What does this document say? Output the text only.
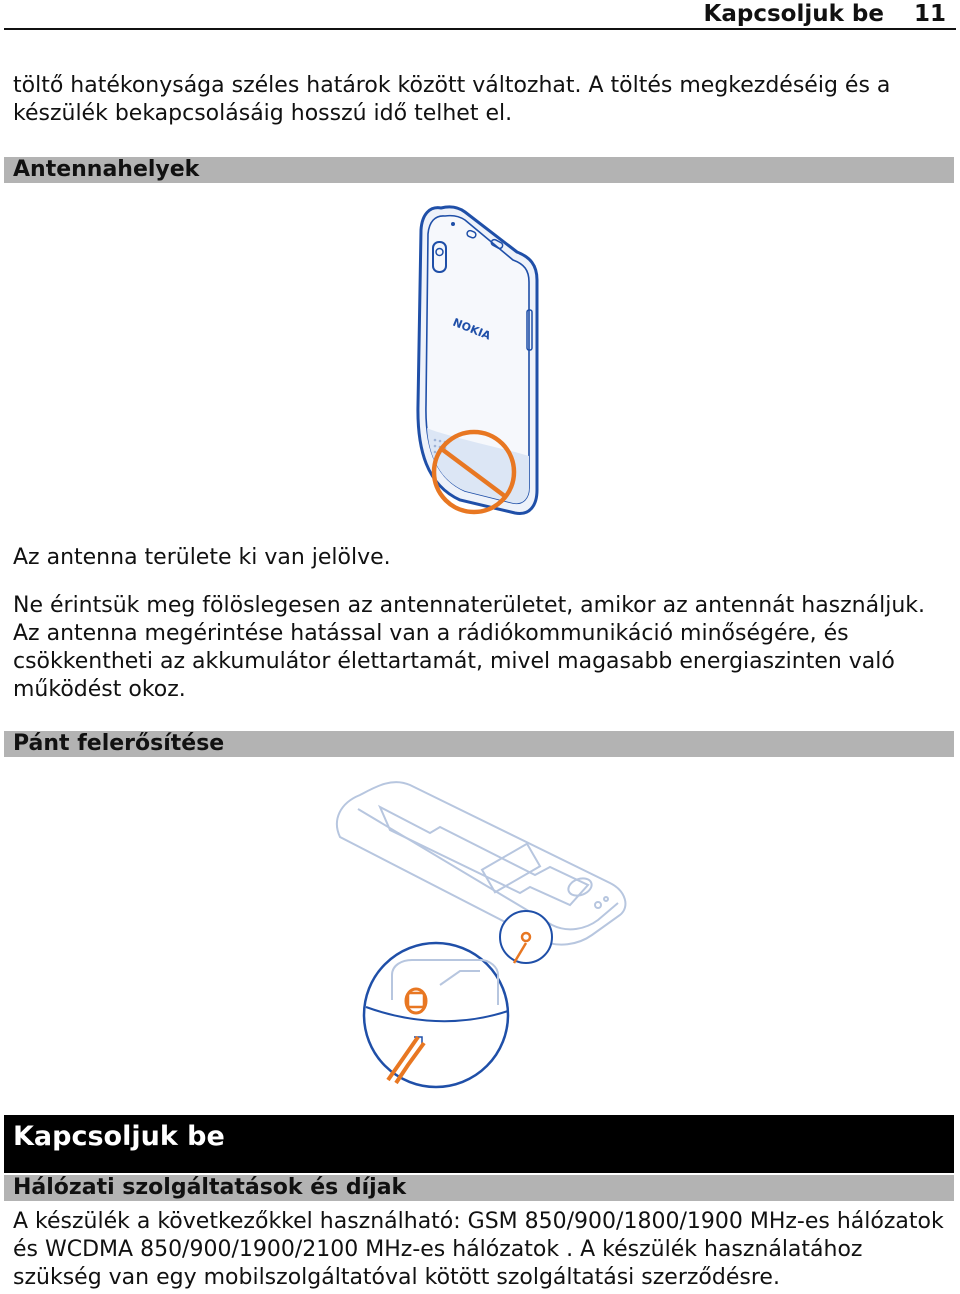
Kapcsoljuk be 11

töltő hatékonysága széles határok között változhat. A töltés megkezdéséig és a készülék bekapcsolásáig hosszú idő telhet el.

Antennahelyek
NOKIA

Az antenna területe ki van jelölve.

Ne érintsük meg fölöslegesen az antennaterületet, amikor az antennát használjuk. Az antenna megérintése hatással van a rádiókommunikáció minőségére, és csökkentheti az akkumulátor élettartamát, mivel magasabb energiaszinten való működést okoz.

Pánt felerősítése
Kapcsoljuk be
Hálózati szolgáltatások és díjak

A készülék a következőkkel használható: GSM 850/900/1800/1900 MHz-es hálózatok és WCDMA 850/900/1900/2100 MHz-es hálózatok . A készülék használatához szükség van egy mobilszolgáltatóval kötött szolgáltatási szerződésre.
